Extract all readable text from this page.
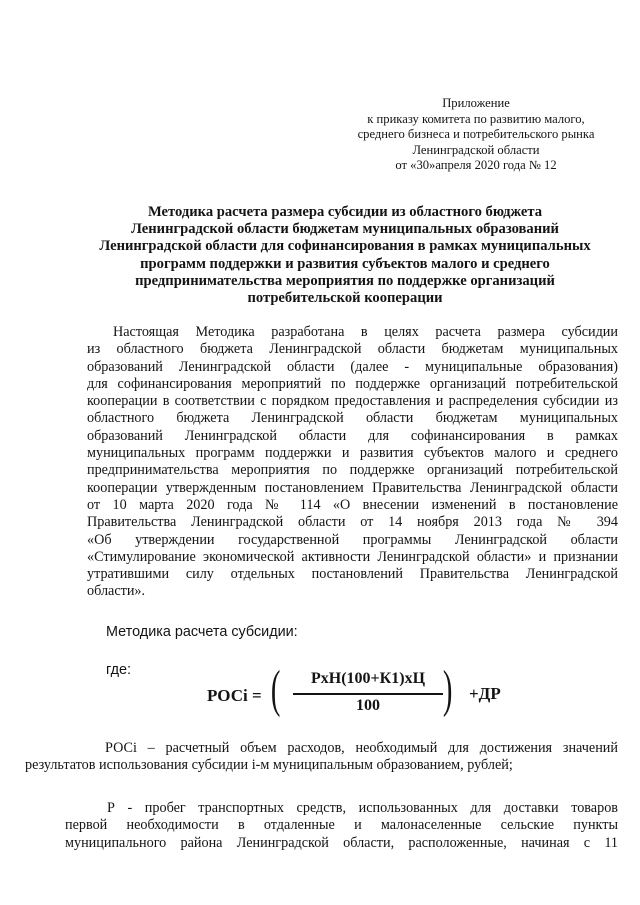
Приложение
к приказу комитета по развитию малого,
среднего бизнеса и потребительского рынка
Ленинградской области
от «30»апреля 2020 года № 12
Методика расчета размера субсидии из областного бюджета
Ленинградской области бюджетам муниципальных образований
Ленинградской области для софинансирования в рамках муниципальных
программ поддержки и развития субъектов малого и среднего
предпринимательства мероприятия по поддержке организаций
потребительской кооперации
Настоящая Методика разработана в целях расчета размера субсидии
из областного бюджета Ленинградской области бюджетам муниципальных
образований Ленинградской области (далее - муниципальные образования)
для софинансирования мероприятий по поддержке организаций потребительской
кооперации в соответствии с порядком предоставления и распределения субсидии из
областного бюджета Ленинградской области бюджетам муниципальных
образований Ленинградской области для софинансирования в рамках
муниципальных программ поддержки и развития субъектов малого и среднего
предпринимательства мероприятия по поддержке организаций потребительской
кооперации утвержденным постановлением Правительства Ленинградской области
от 10 марта 2020 года № 114 «О внесении изменений в постановление
Правительства Ленинградской области от 14 ноября 2013 года № 394
«Об утверждении государственной программы Ленинградской области
«Стимулирование экономической активности Ленинградской области» и признании
утратившими силу отдельных постановлений Правительства Ленинградской
области».
Методика расчета субсидии:
где:
РОСi = (	РхН(100+К1)хЦ
100	) +ДР
РОСi – расчетный объем расходов, необходимый для достижения значений
результатов использования субсидии i-м муниципальным образованием, рублей;
Р - пробег транспортных средств, использованных для доставки товаров
первой необходимости в отдаленные и малонаселенные сельские пункты
муниципального района Ленинградской области, расположенные, начиная с 11
